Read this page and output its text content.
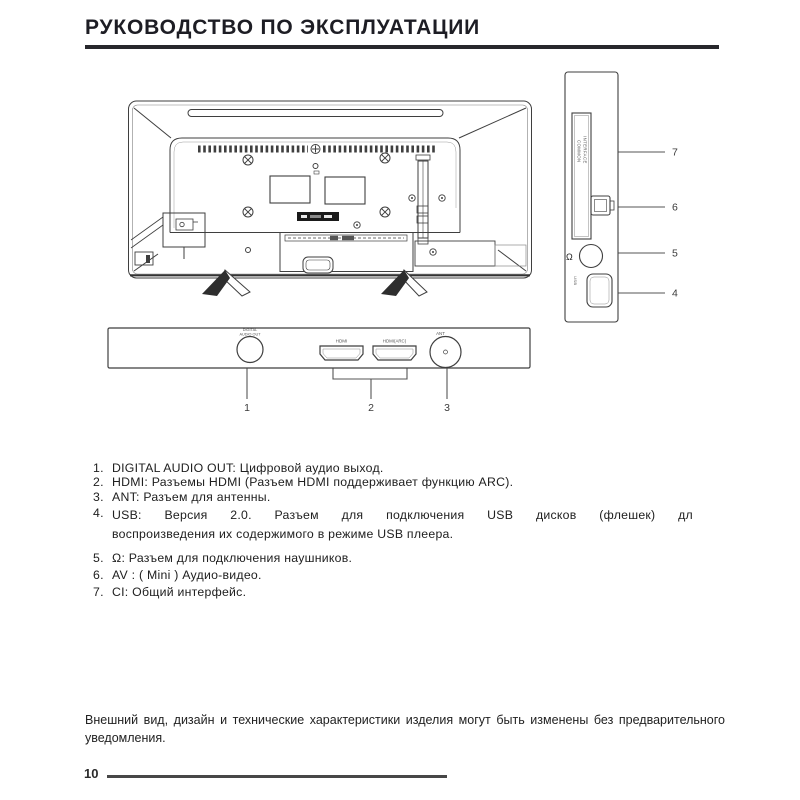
РУКОВОДСТВО ПО ЭКСПЛУАТАЦИИ
COMMON INTERFACE
Ω
USB
7
6
5
4
DIGITAL
AUDIO OUT
HDMI	HDMI(ARC)
ANT
1	2	3
1. DIGITAL AUDIO OUT: Цифровой аудио выход.
2. HDMI: Разъемы HDMI (Разъем HDMI поддерживает функцию ARC).
3. ANT: Разъем для антенны.
4. USB: Версия 2.0. Разъем для подключения USB дисков (флешек) дл
воспроизведения их содержимого в режиме USB плеера.
5. Ω: Разъем для подключения наушников.
6. AV : ( Mini ) Аудио-видео.
7. CI: Общий интерфейс.
Внешний вид, дизайн и технические характеристики изделия могут быть изменены без предварительного уведомления.
10
